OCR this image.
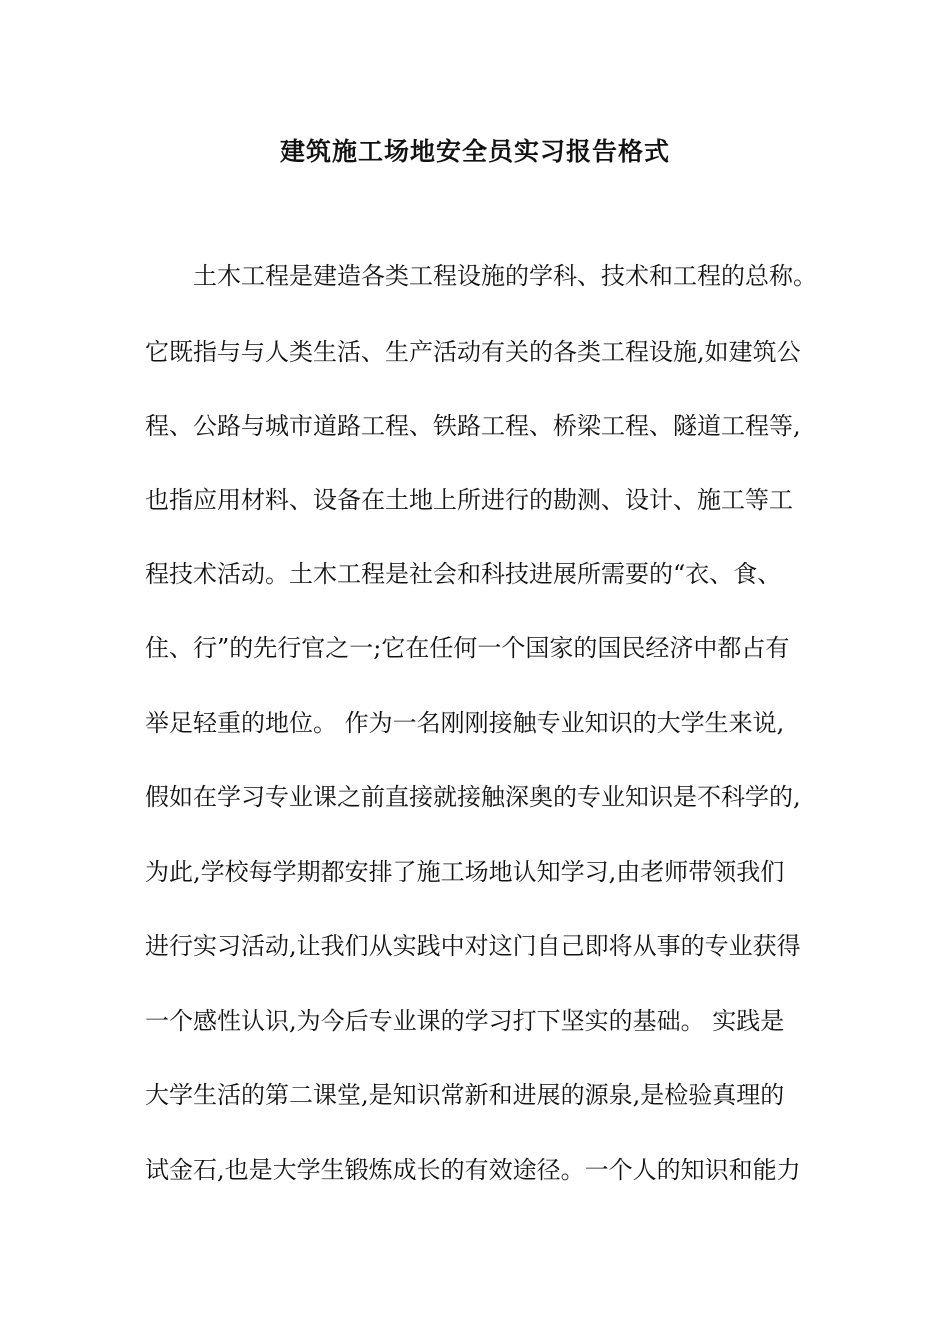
建筑施工场地安全员实习报告格式
土木工程是建造各类工程设施的学科、技术和工程的总称。
它既指与与人类生活、生产活动有关的各类工程设施,如建筑公
程、公路与城市道路工程、铁路工程、桥梁工程、隧道工程等,
也指应用材料、设备在土地上所进行的勘测、设计、施工等工
程技术活动。土木工程是社会和科技进展所需要的“衣、食、
住、行”的先行官之一;它在任何一个国家的国民经济中都占有
举足轻重的地位。 作为一名刚刚接触专业知识的大学生来说,
假如在学习专业课之前直接就接触深奥的专业知识是不科学的,
为此,学校每学期都安排了施工场地认知学习,由老师带领我们
进行实习活动,让我们从实践中对这门自己即将从事的专业获得
一个感性认识,为今后专业课的学习打下坚实的基础。 实践是
大学生活的第二课堂,是知识常新和进展的源泉,是检验真理的
试金石,也是大学生锻炼成长的有效途径。一个人的知识和能力
